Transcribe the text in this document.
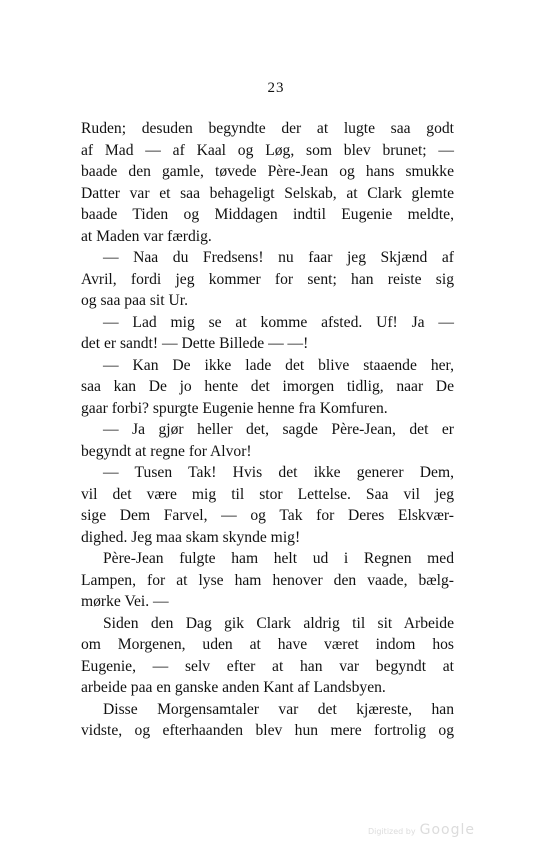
23
Ruden; desuden begyndte der at lugte saa godt
af Mad — af Kaal og Løg, som blev brunet; —
baade den gamle, tøvede Père-Jean og hans smukke
Datter var et saa behageligt Selskab, at Clark glemte
baade Tiden og Middagen indtil Eugenie meldte,
at Maden var færdig.
— Naa du Fredsens! nu faar jeg Skjænd af
Avril, fordi jeg kommer for sent; han reiste sig
og saa paa sit Ur.
— Lad mig se at komme afsted. Uf! Ja —
det er sandt! — Dette Billede — —!
— Kan De ikke lade det blive staaende her,
saa kan De jo hente det imorgen tidlig, naar De
gaar forbi? spurgte Eugenie henne fra Komfuren.
— Ja gjør heller det, sagde Père-Jean, det er
begyndt at regne for Alvor!
— Tusen Tak! Hvis det ikke generer Dem,
vil det være mig til stor Lettelse. Saa vil jeg
sige Dem Farvel, — og Tak for Deres Elskvær-
dighed. Jeg maa skam skynde mig!
Père-Jean fulgte ham helt ud i Regnen med
Lampen, for at lyse ham henover den vaade, bælg-
mørke Vei. —
Siden den Dag gik Clark aldrig til sit Arbeide
om Morgenen, uden at have været indom hos
Eugenie, — selv efter at han var begyndt at
arbeide paa en ganske anden Kant af Landsbyen.
Disse Morgensamtaler var det kjæreste, han
vidste, og efterhaanden blev hun mere fortrolig og
Digitized by Google
